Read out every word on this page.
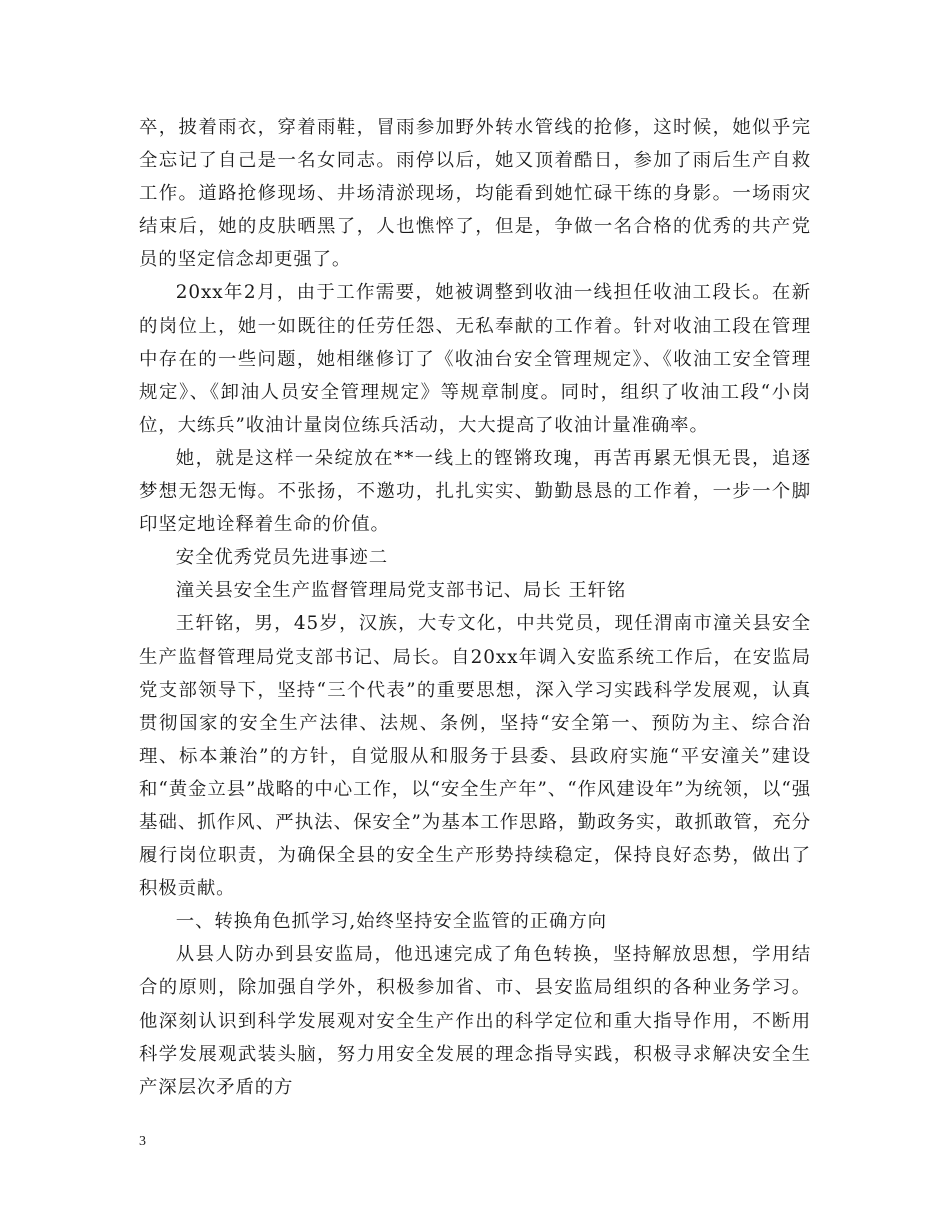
卒，披着雨衣，穿着雨鞋，冒雨参加野外转水管线的抢修，这时候，她似乎完全忘记了自己是一名女同志。雨停以后，她又顶着酷日，参加了雨后生产自救工作。道路抢修现场、井场清淤现场，均能看到她忙碌干练的身影。一场雨灾结束后，她的皮肤晒黑了，人也憔悴了，但是，争做一名合格的优秀的共产党员的坚定信念却更强了。

20xx年2月，由于工作需要，她被调整到收油一线担任收油工段长。在新的岗位上，她一如既往的任劳任怨、无私奉献的工作着。针对收油工段在管理中存在的一些问题，她相继修订了《收油台安全管理规定》、《收油工安全管理规定》、《卸油人员安全管理规定》等规章制度。同时，组织了收油工段“小岗位，大练兵”收油计量岗位练兵活动，大大提高了收油计量准确率。

她，就是这样一朵绽放在**一线上的铿锵玫瑰，再苦再累无惧无畏，追逐梦想无怨无悔。不张扬，不邀功，扎扎实实、勤勤恳恳的工作着，一步一个脚印坚定地诠释着生命的价值。

安全优秀党员先进事迹二

潼关县安全生产监督管理局党支部书记、局长 王轩铭

王轩铭，男，45岁，汉族，大专文化，中共党员，现任渭南市潼关县安全生产监督管理局党支部书记、局长。自20xx年调入安监系统工作后，在安监局党支部领导下，坚持“三个代表”的重要思想，深入学习实践科学发展观，认真贯彻国家的安全生产法律、法规、条例，坚持“安全第一、预防为主、综合治理、标本兼治”的方针，自觉服从和服务于县委、县政府实施“平安潼关”建设和“黄金立县”战略的中心工作，以“安全生产年”、“作风建设年”为统领，以“强基础、抓作风、严执法、保安全”为基本工作思路，勤政务实，敢抓敢管，充分履行岗位职责，为确保全县的安全生产形势持续稳定，保持良好态势，做出了积极贡献。

一、转换角色抓学习,始终坚持安全监管的正确方向

从县人防办到县安监局，他迅速完成了角色转换，坚持解放思想，学用结合的原则，除加强自学外，积极参加省、市、县安监局组织的各种业务学习。他深刻认识到科学发展观对安全生产作出的科学定位和重大指导作用，不断用科学发展观武装头脑，努力用安全发展的理念指导实践，积极寻求解决安全生产深层次矛盾的方

3
